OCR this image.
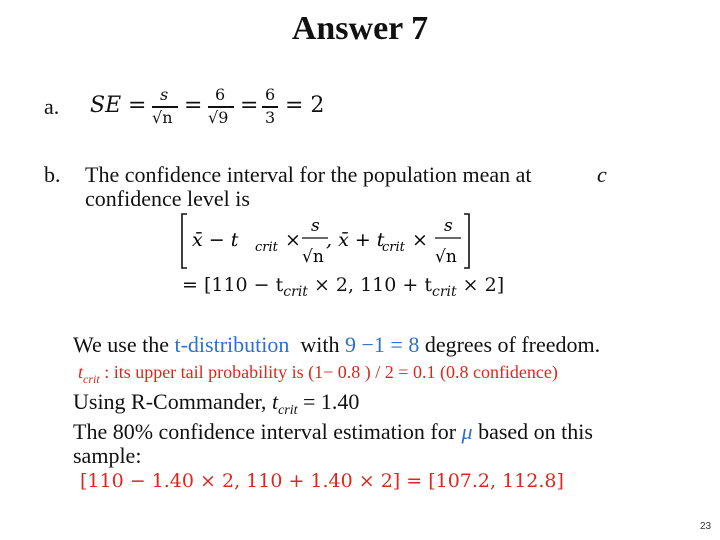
Answer 7
a. SE = s
√n = 6
√9 = 6
3 = 2
b. The confidence interval for the population mean at	c
confidence level is
x̄ − t crit ×
s
√n
, x̄ + t
crit ×
s
√n
= [$110 - t_{crit} \times 2$, $110 + t_{crit} \times 2$]
We use the t-distribution with 9 −1 = 8 degrees of freedom.
$t_{crit}$ : its upper tail probability is (1− 0.8 ) / 2 = 0.1 (0.8 confidence)
Using R-Commander, $t_{crit} = 1.40$
The 80% confidence interval estimation for μ based on this
sample:
[110 − 1.40 × 2, 110 + 1.40 × 2] = [107.2, 112.8]
23
